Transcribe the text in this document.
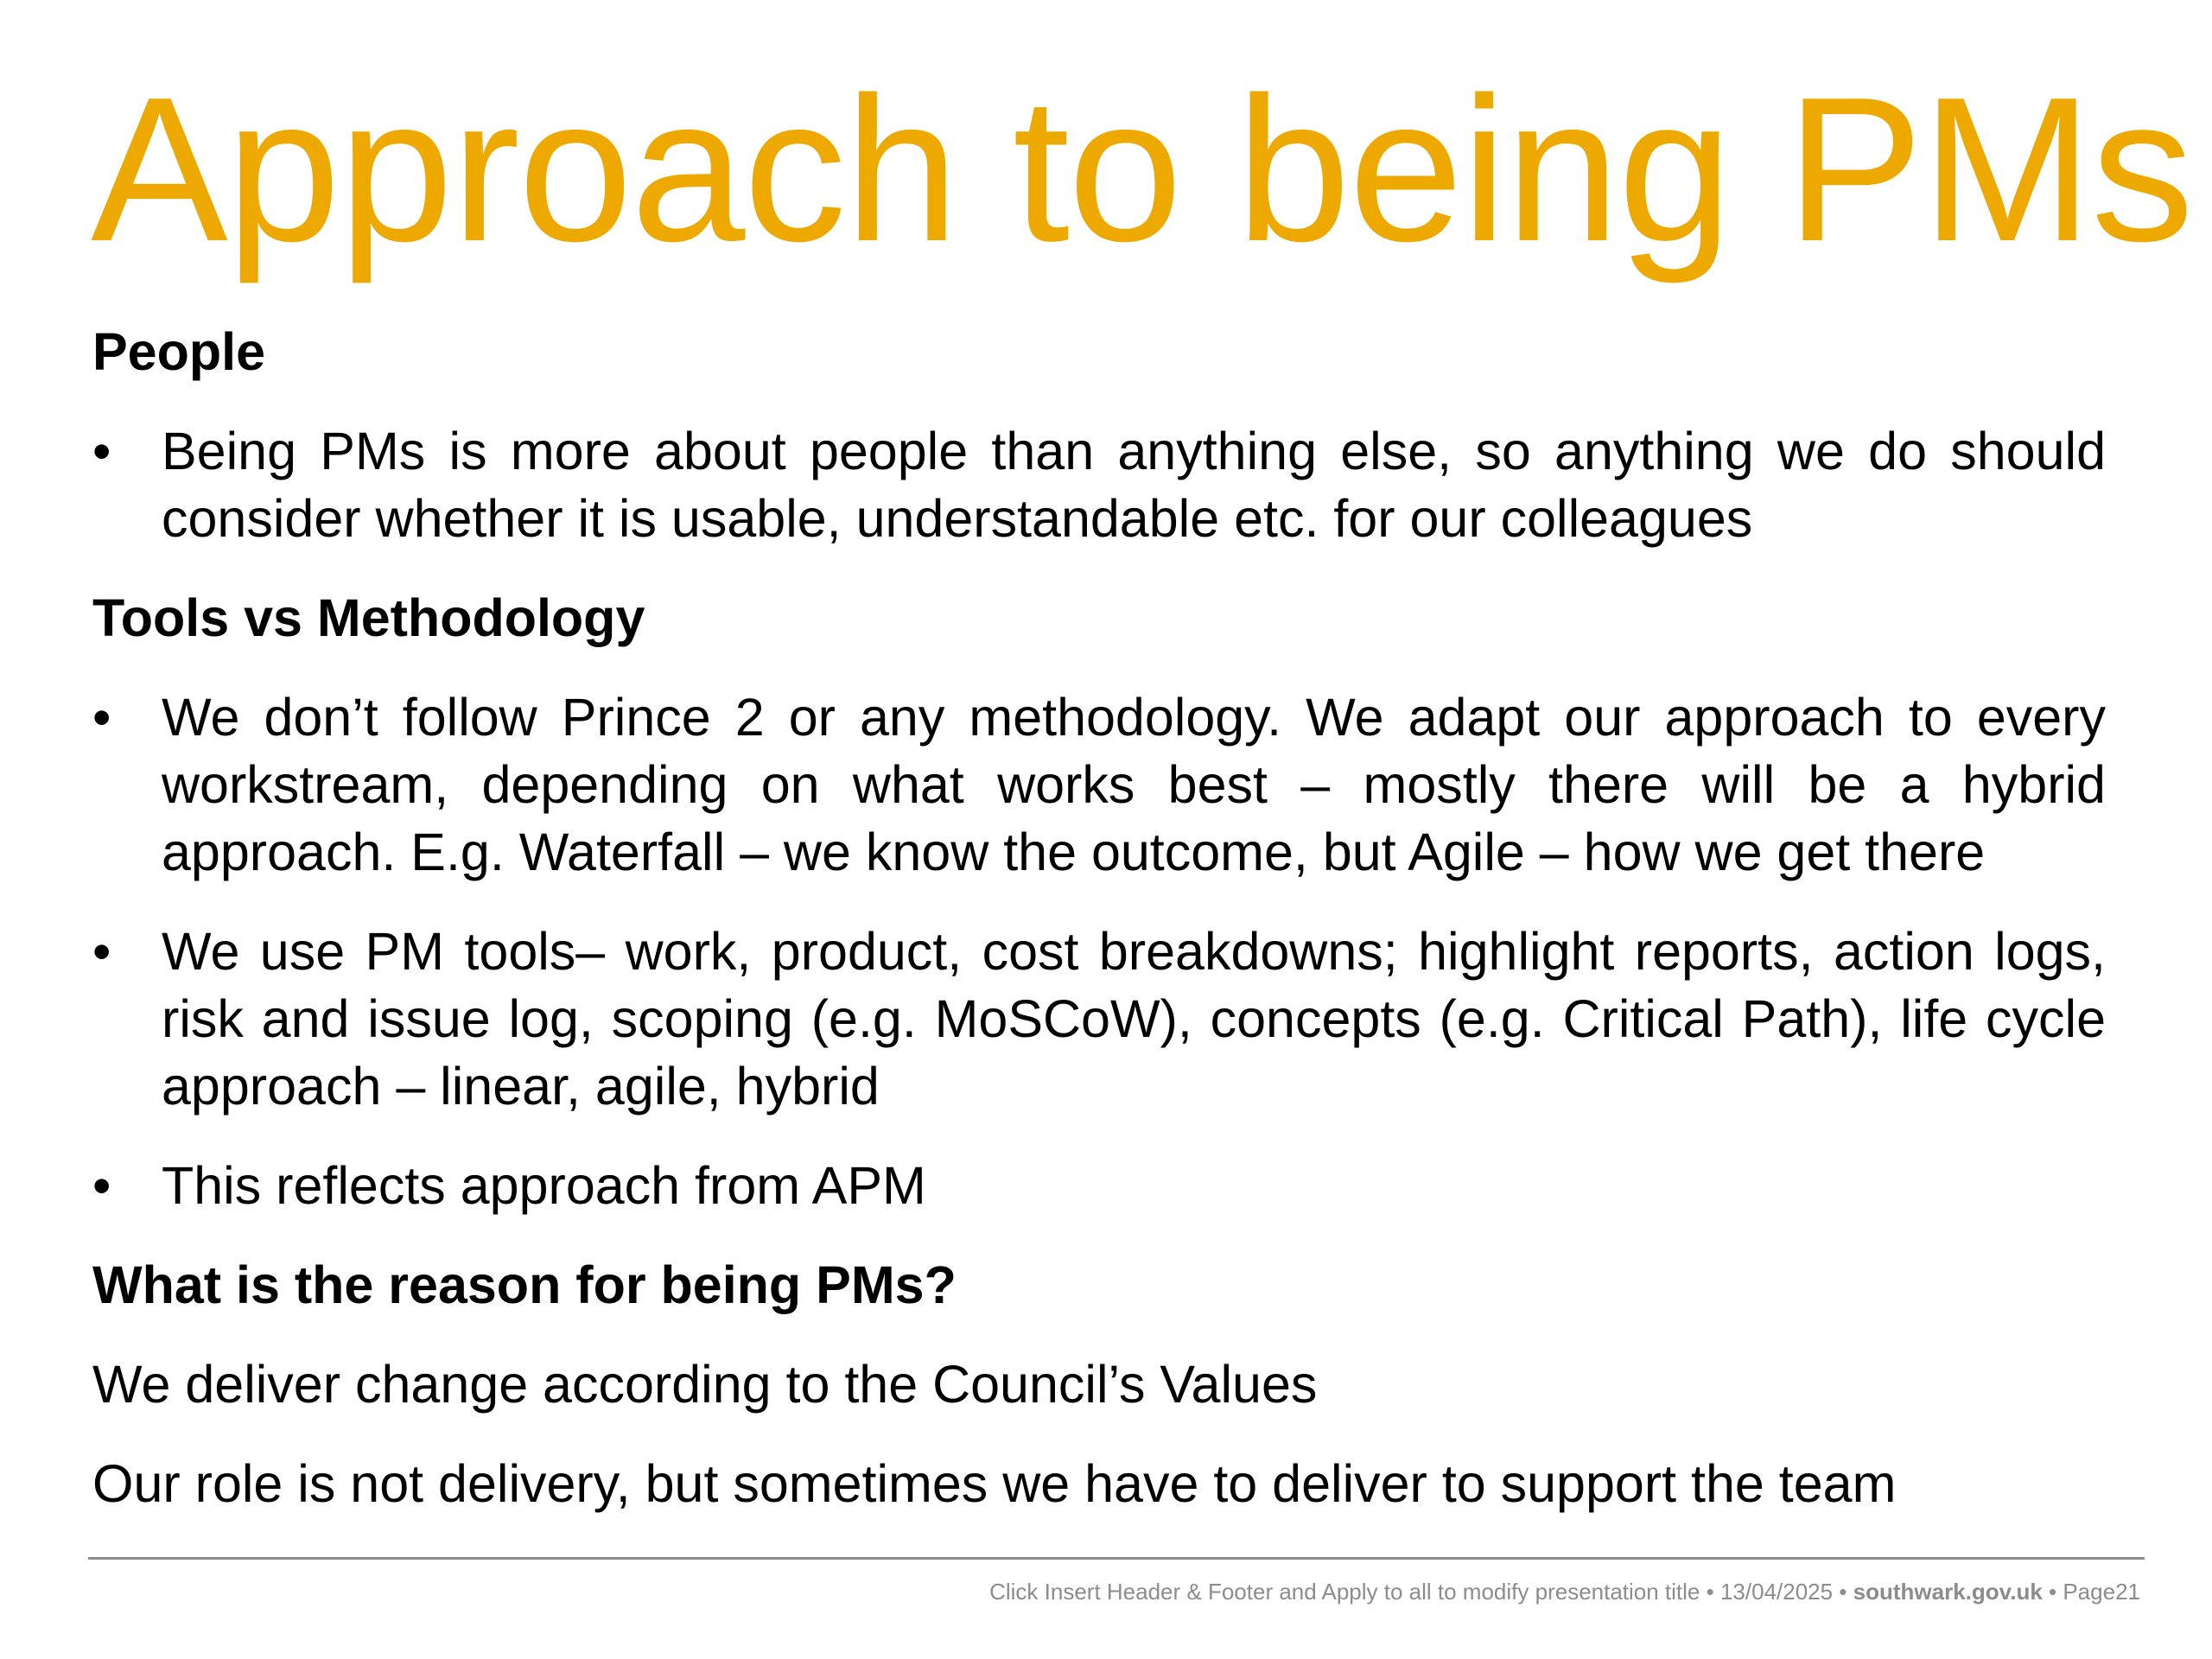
Approach to being PMs
People
• Being PMs is more about people than anything else, so anything we do should consider whether it is usable, understandable etc. for our colleagues
Tools vs Methodology
• We don’t follow Prince 2 or any methodology. We adapt our approach to every workstream, depending on what works best – mostly there will be a hybrid approach. E.g. Waterfall – we know the outcome, but Agile – how we get there
• We use PM tools– work, product, cost breakdowns; highlight reports, action logs, risk and issue log, scoping (e.g. MoSCoW), concepts (e.g. Critical Path), life cycle approach – linear, agile, hybrid
• This reflects approach from APM
What is the reason for being PMs?

We deliver change according to the Council’s Values

Our role is not delivery, but sometimes we have to deliver to support the team

Click Insert Header & Footer and Apply to all to modify presentation title • 13/04/2025 • southwark.gov.uk • Page21
